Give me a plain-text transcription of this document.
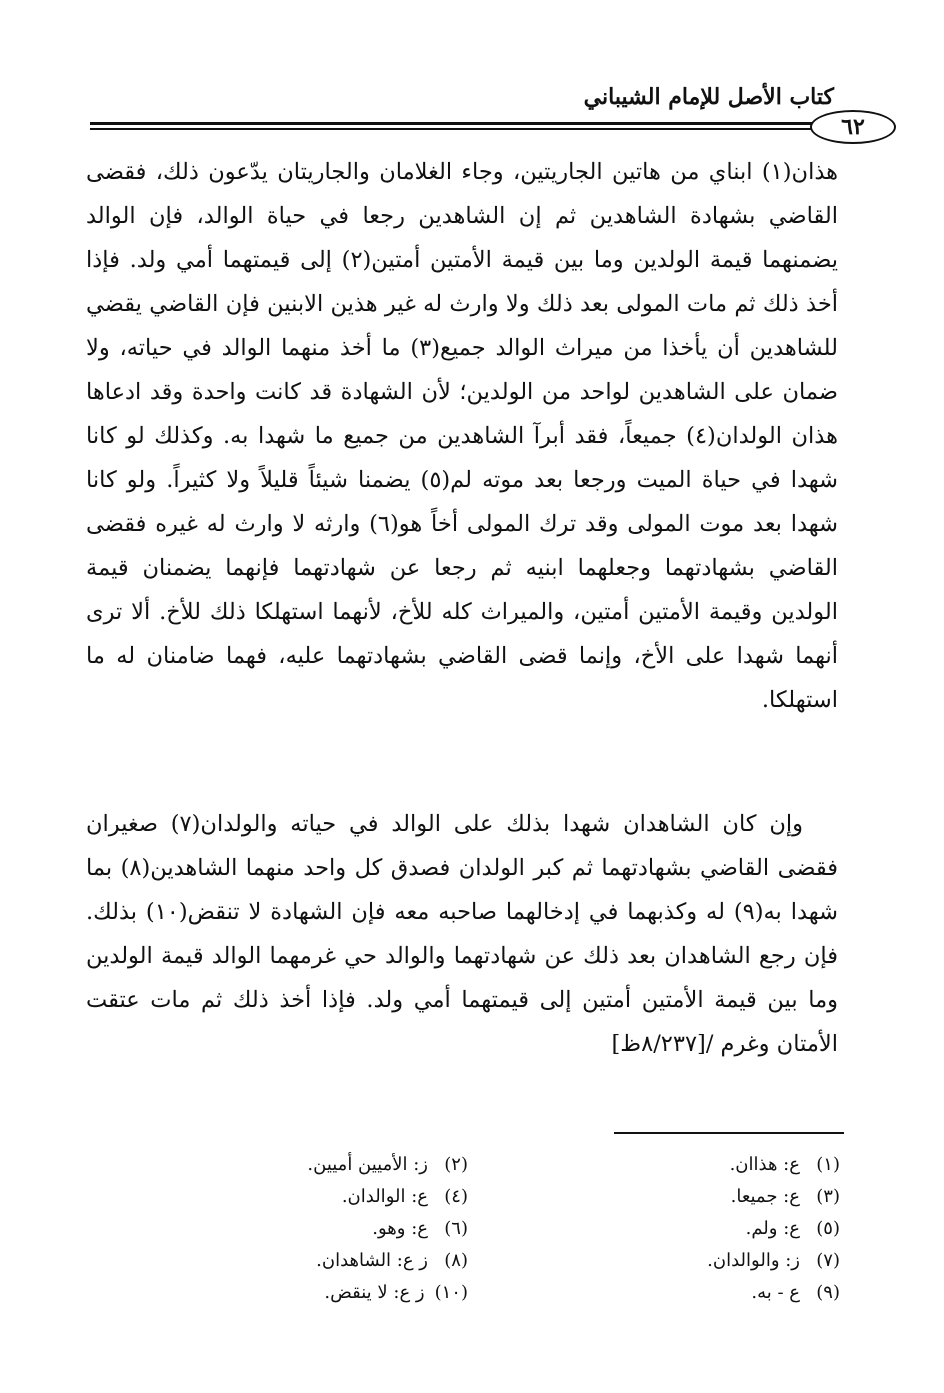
كتاب الأصل للإمام الشيباني
٦٢

هذان(١) ابناي من هاتين الجاريتين، وجاء الغلامان والجاريتان يدّعون ذلك، فقضى القاضي بشهادة الشاهدين ثم إن الشاهدين رجعا في حياة الوالد، فإن الوالد يضمنهما قيمة الولدين وما بين قيمة الأمتين أمتين(٢) إلى قيمتهما أمي ولد. فإذا أخذ ذلك ثم مات المولى بعد ذلك ولا وارث له غير هذين الابنين فإن القاضي يقضي للشاهدين أن يأخذا من ميراث الوالد جميع(٣) ما أخذ منهما الوالد في حياته، ولا ضمان على الشاهدين لواحد من الولدين؛ لأن الشهادة قد كانت واحدة وقد ادعاها هذان الولدان(٤) جميعاً، فقد أبرآ الشاهدين من جميع ما شهدا به. وكذلك لو كانا شهدا في حياة الميت ورجعا بعد موته لم(٥) يضمنا شيئاً قليلاً ولا كثيراً. ولو كانا شهدا بعد موت المولى وقد ترك المولى أخاً هو(٦) وارثه لا وارث له غيره فقضى القاضي بشهادتهما وجعلهما ابنيه ثم رجعا عن شهادتهما فإنهما يضمنان قيمة الولدين وقيمة الأمتين أمتين، والميراث كله للأخ، لأنهما استهلكا ذلك للأخ. ألا ترى أنهما شهدا على الأخ، وإنما قضى القاضي بشهادتهما عليه، فهما ضامنان له ما استهلكا.

وإن كان الشاهدان شهدا بذلك على الوالد في حياته والولدان(٧) صغيران فقضى القاضي بشهادتهما ثم كبر الولدان فصدق كل واحد منهما الشاهدين(٨) بما شهدا به(٩) له وكذبهما في إدخالهما صاحبه معه فإن الشهادة لا تنقض(١٠) بذلك. فإن رجع الشاهدان بعد ذلك عن شهادتهما والوالد حي غرمهما الوالد قيمة الولدين وما بين قيمة الأمتين أمتين إلى قيمتهما أمي ولد. فإذا أخذ ذلك ثم مات عتقت الأمتان وغرم /[٨/٢٣٧ظ]

(١)
ع: هذاان.
(٢)
ز: الأميين أميين.
(٣)
ع: جميعا.
(٤)
ع: الوالدان.
(٥)
ع: ولم.
(٦)
ع: وهو.
(٧)
ز: والوالدان.
(٨)
ز ع: الشاهدان.
(٩)
ع - به.
(١٠)
ز ع: لا ينقض.
